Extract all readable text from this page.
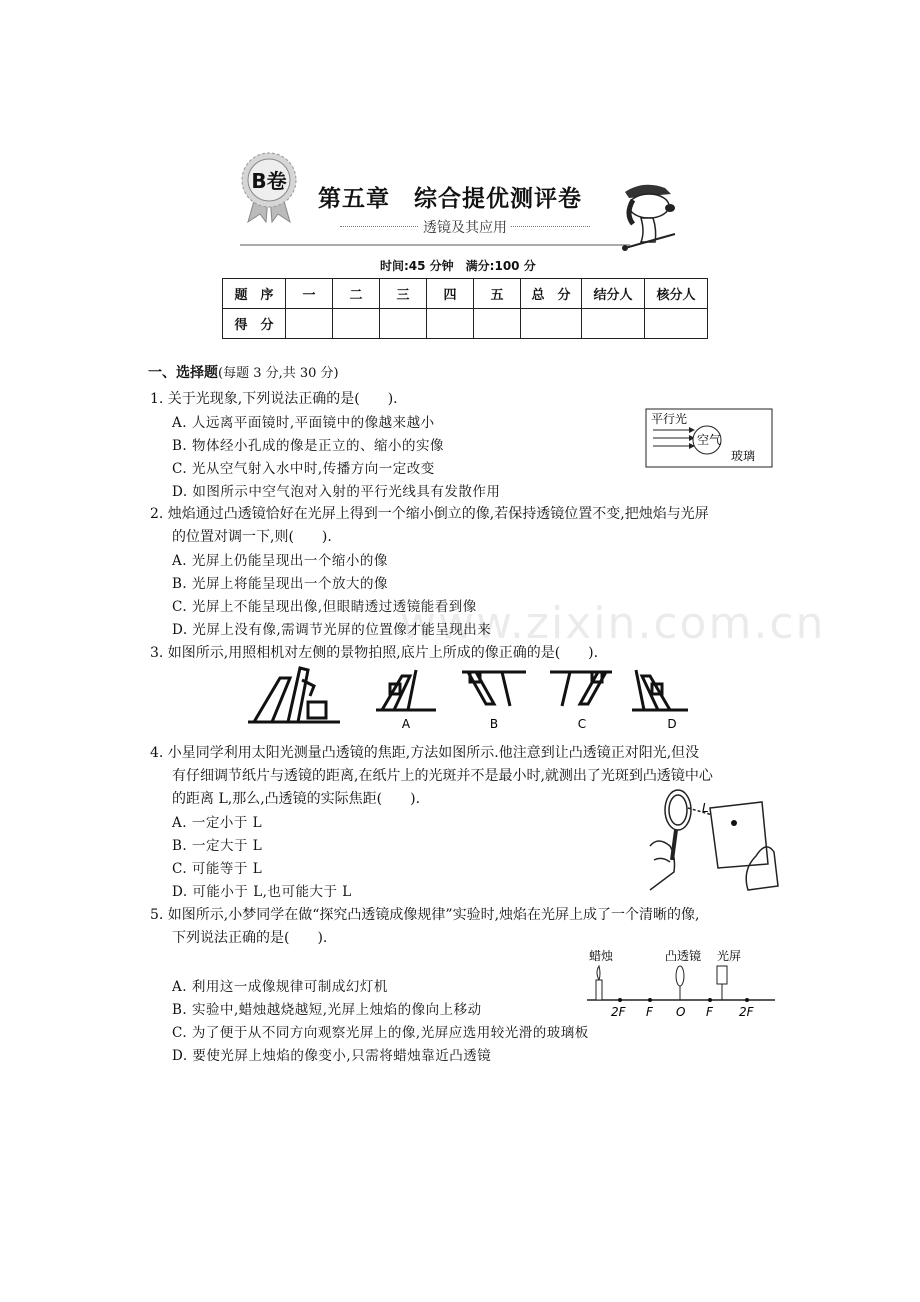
B卷
第五章　综合提优测评卷
透镜及其应用
时间:45 分钟　满分:100 分
题　序	一	二	三	四	五	总　分	结分人	核分人
得　分								
一、选择题(每题 3 分,共 30 分)
1. 关于光现象,下列说法正确的是(　　).
A. 人远离平面镜时,平面镜中的像越来越小
B. 物体经小孔成的像是正立的、缩小的实像
C. 光从空气射入水中时,传播方向一定改变
D. 如图所示中空气泡对入射的平行光线具有发散作用
平行光
空气
玻璃
2. 烛焰通过凸透镜恰好在光屏上得到一个缩小倒立的像,若保持透镜位置不变,把烛焰与光屏
的位置对调一下,则(　　).
A. 光屏上仍能呈现出一个缩小的像
B. 光屏上将能呈现出一个放大的像
C. 光屏上不能呈现出像,但眼睛透过透镜能看到像
D. 光屏上没有像,需调节光屏的位置像才能呈现出来
3. 如图所示,用照相机对左侧的景物拍照,底片上所成的像正确的是(　　).
A	B	C	D
4. 小星同学利用太阳光测量凸透镜的焦距,方法如图所示.他注意到让凸透镜正对阳光,但没
有仔细调节纸片与透镜的距离,在纸片上的光斑并不是最小时,就测出了光斑到凸透镜中心
的距离 L,那么,凸透镜的实际焦距(　　).
A. 一定小于 L
B. 一定大于 L
C. 可能等于 L
D. 可能小于 L,也可能大于 L
L
5. 如图所示,小梦同学在做“探究凸透镜成像规律”实验时,烛焰在光屏上成了一个清晰的像,
下列说法正确的是(　　).
A. 利用这一成像规律可制成幻灯机
B. 实验中,蜡烛越烧越短,光屏上烛焰的像向上移动
C. 为了便于从不同方向观察光屏上的像,光屏应选用较光滑的玻璃板
D. 要使光屏上烛焰的像变小,只需将蜡烛靠近凸透镜
蜡烛	凸透镜 光屏
2F F O F 2F
www.zixin.com.cn
